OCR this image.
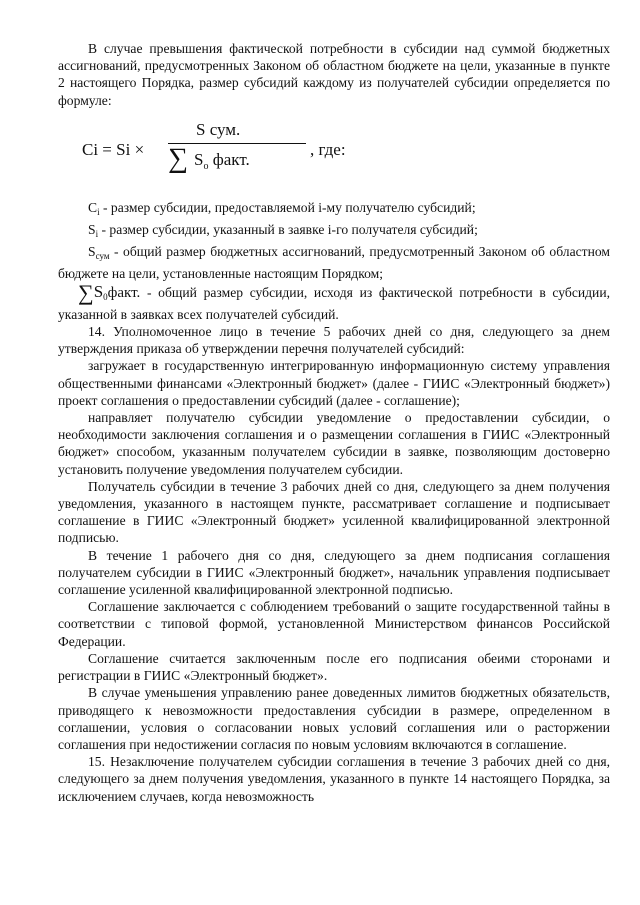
В случае превышения фактической потребности в субсидии над суммой бюджетных ассигнований, предусмотренных Законом об областном бюджете на цели, указанные в пункте 2 настоящего Порядка, размер субсидий каждому из получателей субсидии определяется по формуле:

Ci = Si ×
S сум.
∑ $S_o$ факт.
, где:

$C_i$ - размер субсидии, предоставляемой i-му получателю субсидий;

$S_i$ - размер субсидии, указанный в заявке i-го получателя субсидий;

$S_{сум}$ - общий размер бюджетных ассигнований, предусмотренный Законом об областном бюджете на цели, установленные настоящим Порядком;

$\sum S_0факт$. - общий размер субсидии, исходя из фактической потребности в субсидии, указанной в заявках всех получателей субсидий.

14. Уполномоченное лицо в течение 5 рабочих дней со дня, следующего за днем утверждения приказа об утверждении перечня получателей субсидий:

загружает в государственную интегрированную информационную систему управления общественными финансами «Электронный бюджет» (далее - ГИИС «Электронный бюджет») проект соглашения о предоставлении субсидий (далее - соглашение);

направляет получателю субсидии уведомление о предоставлении субсидии, о необходимости заключения соглашения и о размещении соглашения в ГИИС «Электронный бюджет» способом, указанным получателем субсидии в заявке, позволяющим достоверно установить получение уведомления получателем субсидии.

Получатель субсидии в течение 3 рабочих дней со дня, следующего за днем получения уведомления, указанного в настоящем пункте, рассматривает соглашение и подписывает соглашение в ГИИС «Электронный бюджет» усиленной квалифицированной электронной подписью.

В течение 1 рабочего дня со дня, следующего за днем подписания соглашения получателем субсидии в ГИИС «Электронный бюджет», начальник управления подписывает соглашение усиленной квалифицированной электронной подписью.

Соглашение заключается с соблюдением требований о защите государственной тайны в соответствии с типовой формой, установленной Министерством финансов Российской Федерации.

Соглашение считается заключенным после его подписания обеими сторонами и регистрации в ГИИС «Электронный бюджет».

В случае уменьшения управлению ранее доведенных лимитов бюджетных обязательств, приводящего к невозможности предоставления субсидии в размере, определенном в соглашении, условия о согласовании новых условий соглашения или о расторжении соглашения при недостижении согласия по новым условиям включаются в соглашение.

15. Незаключение получателем субсидии соглашения в течение 3 рабочих дней со дня, следующего за днем получения уведомления, указанного в пункте 14 настоящего Порядка, за исключением случаев, когда невозможность
